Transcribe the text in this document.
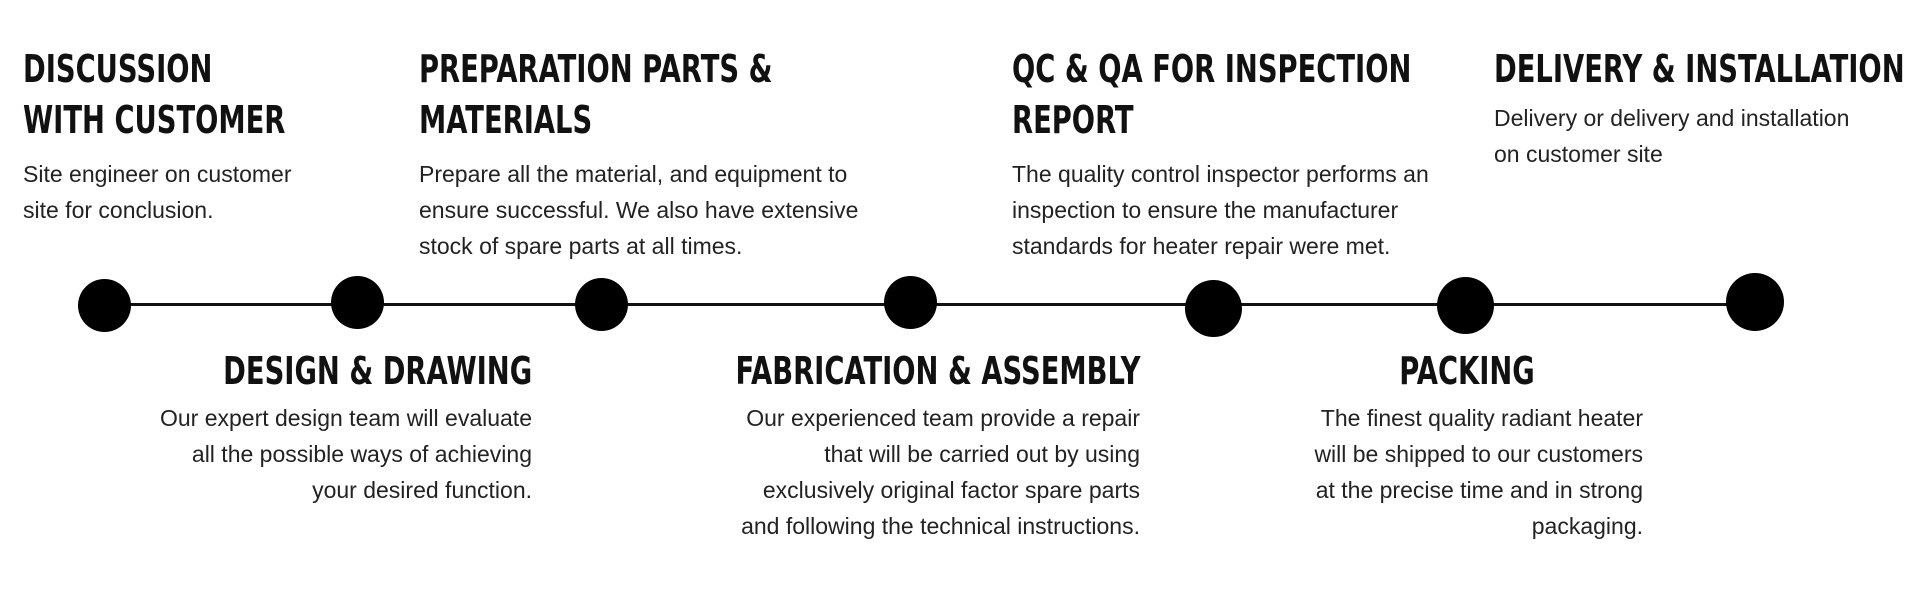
DISCUSSION
WITH CUSTOMER

Site engineer on customer
site for conclusion.

PREPARATION PARTS &
MATERIALS

Prepare all the material, and equipment to
ensure successful. We also have extensive
stock of spare parts at all times.

QC & QA FOR INSPECTION
REPORT

The quality control inspector performs an
inspection to ensure the manufacturer
standards for heater repair were met.

DELIVERY & INSTALLATION

Delivery or delivery and installation
on customer site

DESIGN & DRAWING

Our expert design team will evaluate
all the possible ways of achieving
your desired function.

FABRICATION & ASSEMBLY

Our experienced team provide a repair
that will be carried out by using
exclusively original factor spare parts
and following the technical instructions.

PACKING

The finest quality radiant heater
will be shipped to our customers
at the precise time and in strong
packaging.
